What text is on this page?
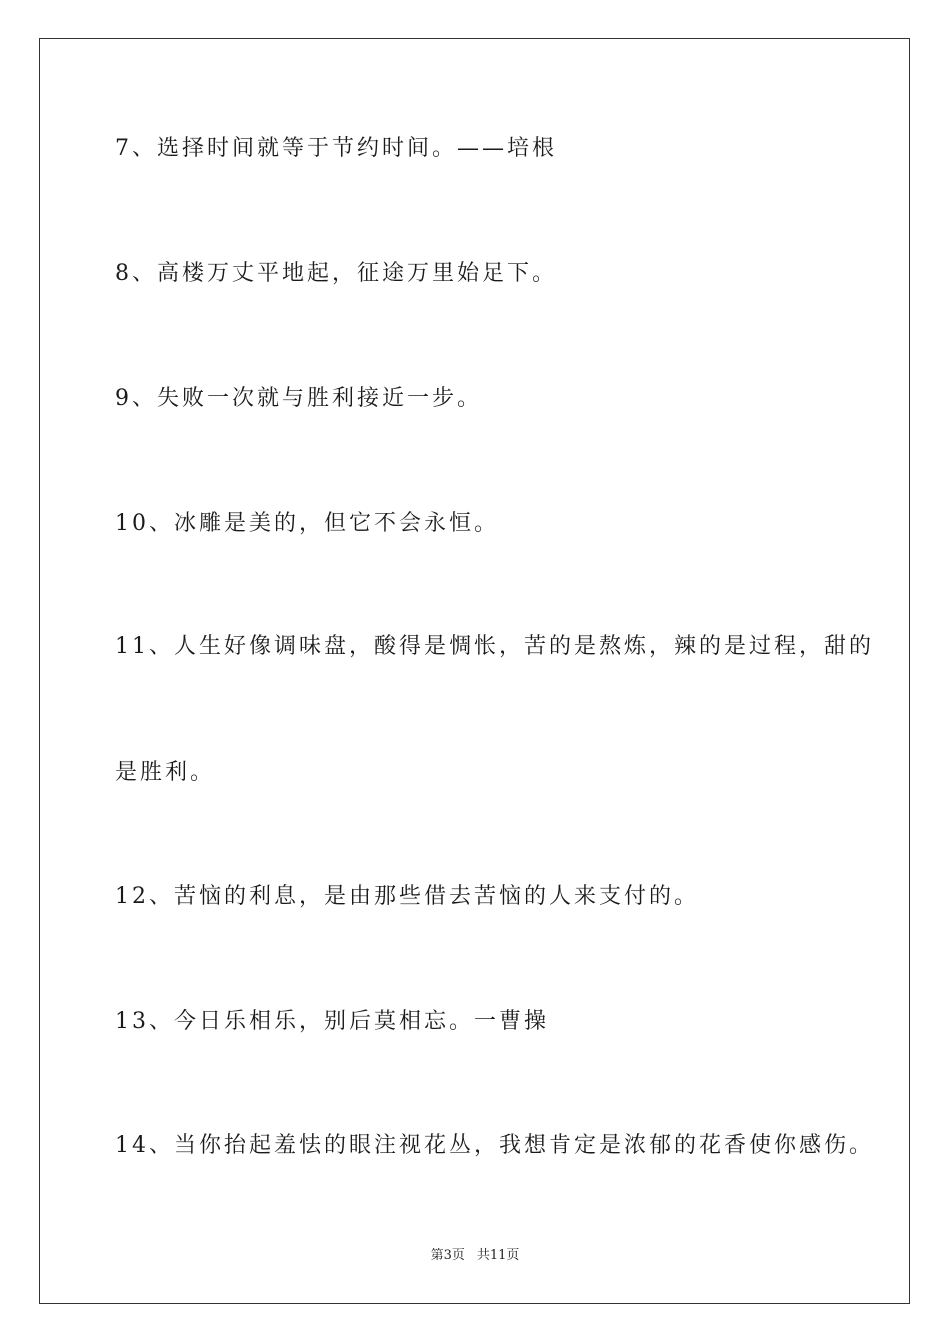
7、选择时间就等于节约时间。——培根
8、高楼万丈平地起，征途万里始足下。
9、失败一次就与胜利接近一步。
10、冰雕是美的，但它不会永恒。
11、人生好像调味盘，酸得是惆怅，苦的是熬炼，辣的是过程，甜的
是胜利。
12、苦恼的利息，是由那些借去苦恼的人来支付的。
13、今日乐相乐，别后莫相忘。一曹操
14、当你抬起羞怯的眼注视花丛，我想肯定是浓郁的花香使你感伤。
第3页 共11页
